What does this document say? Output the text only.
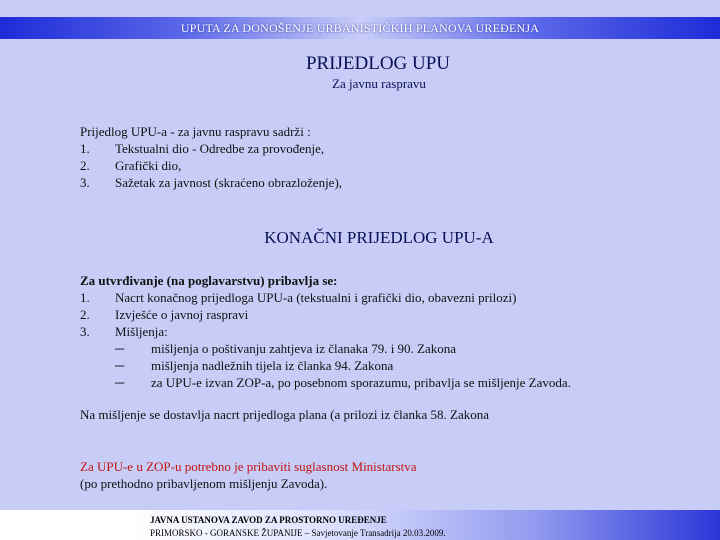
UPUTA ZA DONOŠENJE URBANISTIČKIH PLANOVA UREĐENJA
PRIJEDLOG UPU
Za javnu raspravu
Prijedlog UPU-a - za javnu raspravu sadrži :
1. Tekstualni dio - Odredbe za provođenje,
2. Grafički dio,
3. Sažetak za javnost (skraćeno obrazloženje),
KONAČNI PRIJEDLOG UPU-A
Za utvrđivanje (na poglavarstvu) pribavlja se:
1. Nacrt konačnog prijedloga UPU-a (tekstualni i grafički dio, obavezni prilozi)
2. Izvješće o javnoj raspravi
3. Mišljenja:
─ mišljenja o poštivanju zahtjeva iz članaka 79. i 90. Zakona
─ mišljenja nadležnih tijela iz članka 94. Zakona
─ za UPU-e izvan ZOP-a, po posebnom sporazumu, pribavlja se mišljenje Zavoda.
Na mišljenje se dostavlja nacrt prijedloga plana (a prilozi iz članka 58. Zakona
Za UPU-e u ZOP-u potrebno je pribaviti suglasnost Ministarstva
(po prethodno pribavljenom mišljenju Zavoda).
JAVNA USTANOVA ZAVOD ZA PROSTORNO UREĐENJE
PRIMORSKO - GORANSKE ŽUPANIJE – Savjetovanje Transadrija 20.03.2009.
